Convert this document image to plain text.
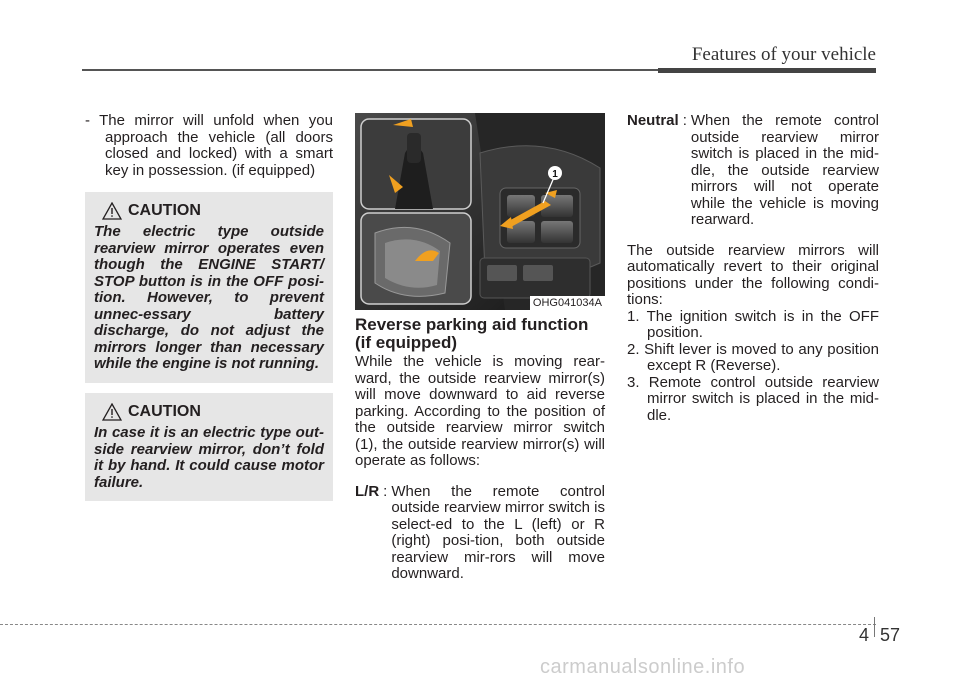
Features of your vehicle

- The mirror will unfold when you approach the vehicle (all doors closed and locked) with a smart key in possession. (if equipped)

CAUTION
The electric type outside rearview mirror operates even though the ENGINE START/ STOP button is in the OFF posi-tion. However, to prevent unnec-essary battery discharge, do not adjust the mirrors longer than necessary while the engine is not running.
CAUTION
In case it is an electric type out-side rearview mirror, don’t fold it by hand. It could cause motor failure.
1
OHG041034A
Reverse parking aid function (if equipped)

While the vehicle is moving rear-ward, the outside rearview mirror(s) will move downward to aid reverse parking. According to the position of the outside rearview mirror switch (1), the outside rearview mirror(s) will operate as follows:

L/R : When the remote control outside rearview mirror switch is select-ed to the L (left) or R (right) posi-tion, both outside rearview mir-rors will move downward.
Neutral : When the remote control outside rearview mirror switch is placed in the mid-dle, the outside rearview mirrors will not operate while the vehicle is moving rearward.

The outside rearview mirrors will automatically revert to their original positions under the following condi-tions:

1. The ignition switch is in the OFF position.

2. Shift lever is moved to any position except R (Reverse).

3. Remote control outside rearview mirror switch is placed in the mid-dle.

4 57
carmanualsonline.info
